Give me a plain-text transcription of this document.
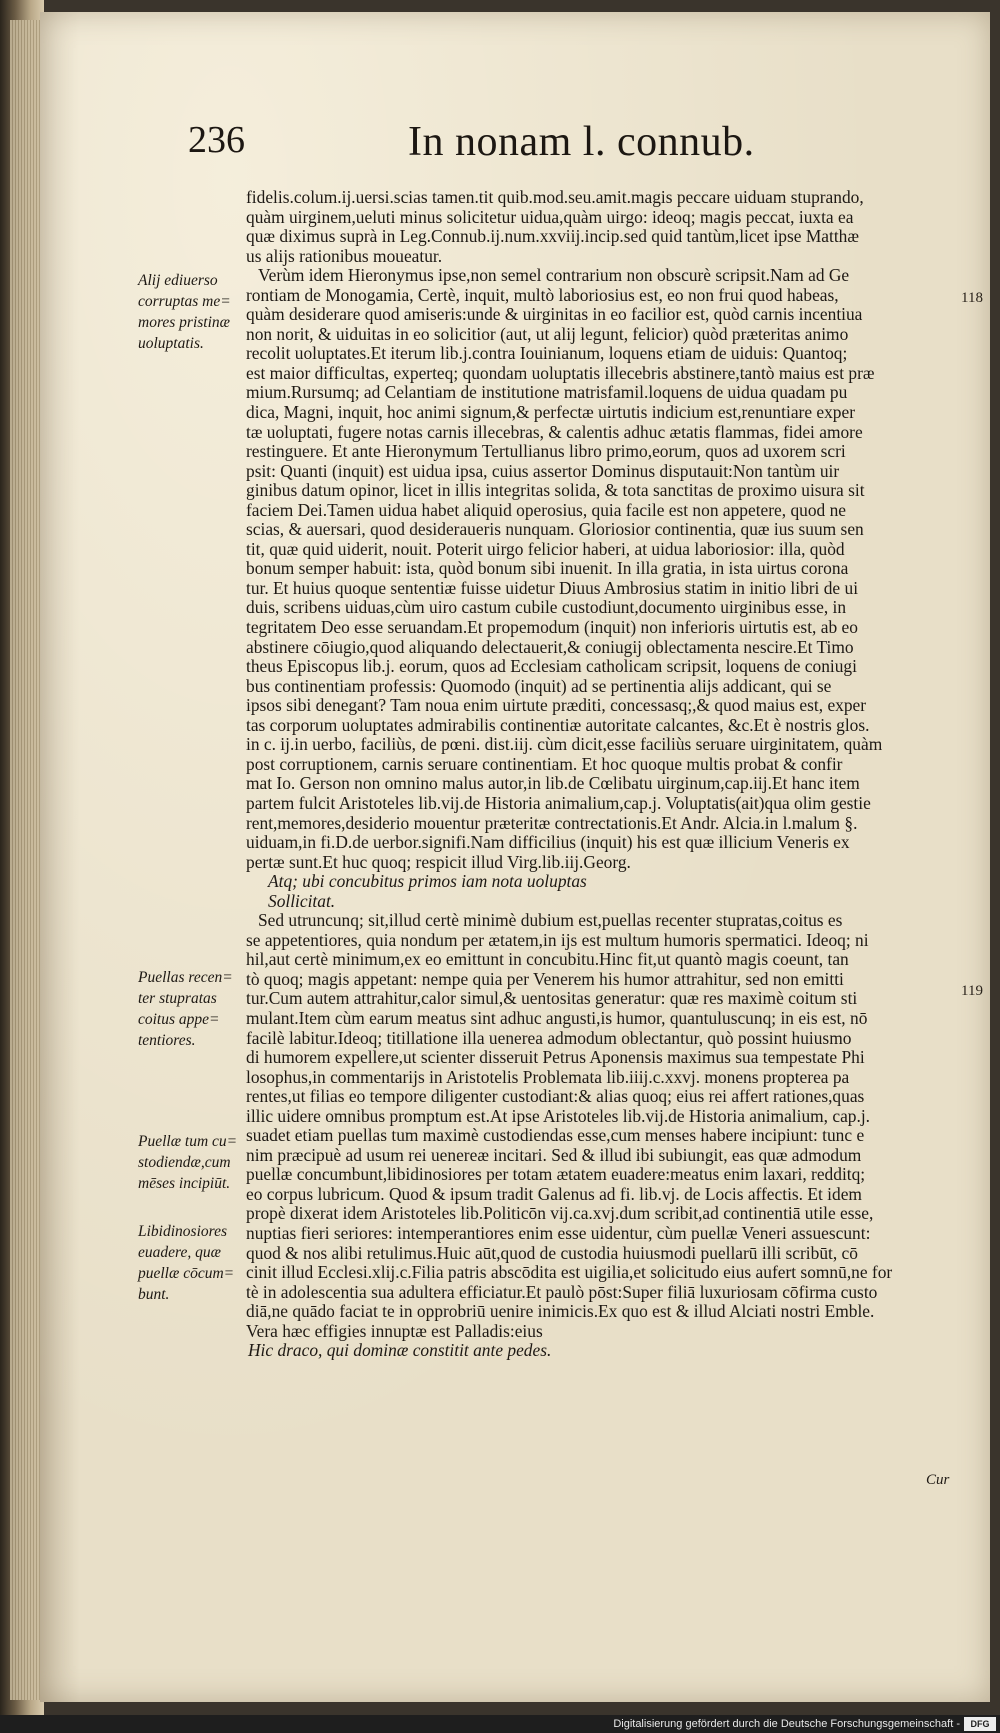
236	In nonam l. connub.
Alij ediuerso
corruptas me=
mores pristinæ
uoluptatis.
Puellas recen=
ter stupratas
coitus appe=
tentiores.
Puellæ tum cu=
stodiendæ,cum
mēses incipiūt.
Libidinosiores
euadere, quæ
puellæ cōcum=
bunt.
118
119
fidelis.colum.ij.uersi.scias tamen.tit quib.mod.seu.amit.magis peccare uiduam stuprando,
quàm uirginem,ueluti minus solicitetur uidua,quàm uirgo: ideoq; magis peccat, iuxta ea
quæ diximus suprà in Leg.Connub.ij.num.xxviij.incip.sed quid tantùm,licet ipse Matthæ
us alijs rationibus moueatur.
Verùm idem Hieronymus ipse,non semel contrarium non obscurè scripsit.Nam ad Ge
rontiam de Monogamia, Certè, inquit, multò laboriosius est, eo non frui quod habeas,
quàm desiderare quod amiseris:unde & uirginitas in eo facilior est, quòd carnis incentiua
non norit, & uiduitas in eo solicitior (aut, ut alij legunt, felicior) quòd præteritas animo
recolit uoluptates.Et iterum lib.j.contra Iouinianum, loquens etiam de uiduis: Quantoq;
est maior difficultas, experteq; quondam uoluptatis illecebris abstinere,tantò maius est præ
mium.Rursumq; ad Celantiam de institutione matrisfamil.loquens de uidua quadam pu
dica, Magni, inquit, hoc animi signum,& perfectæ uirtutis indicium est,renuntiare exper
tæ uoluptati, fugere notas carnis illecebras, & calentis adhuc ætatis flammas, fidei amore
restinguere. Et ante Hieronymum Tertullianus libro primo,eorum, quos ad uxorem scri
psit: Quanti (inquit) est uidua ipsa, cuius assertor Dominus disputauit:Non tantùm uir
ginibus datum opinor, licet in illis integritas solida, & tota sanctitas de proximo uisura sit
faciem Dei.Tamen uidua habet aliquid operosius, quia facile est non appetere, quod ne
scias, & auersari, quod desideraueris nunquam. Gloriosior continentia, quæ ius suum sen
tit, quæ quid uiderit, nouit. Poterit uirgo felicior haberi, at uidua laboriosior: illa, quòd
bonum semper habuit: ista, quòd bonum sibi inuenit. In illa gratia, in ista uirtus corona
tur. Et huius quoque sententiæ fuisse uidetur Diuus Ambrosius statim in initio libri de ui
duis, scribens uiduas,cùm uiro castum cubile custodiunt,documento uirginibus esse, in
tegritatem Deo esse seruandam.Et propemodum (inquit) non inferioris uirtutis est, ab eo
abstinere cōiugio,quod aliquando delectauerit,& coniugij oblectamenta nescire.Et Timo
theus Episcopus lib.j. eorum, quos ad Ecclesiam catholicam scripsit, loquens de coniugi
bus continentiam professis: Quomodo (inquit) ad se pertinentia alijs addicant, qui se
ipsos sibi denegant? Tam noua enim uirtute præditi, concessasq;,& quod maius est, exper
tas corporum uoluptates admirabilis continentiæ autoritate calcantes, &c.Et è nostris glos.
in c. ij.in uerbo, faciliùs, de pœni. dist.iij. cùm dicit,esse faciliùs seruare uirginitatem, quàm
post corruptionem, carnis seruare continentiam. Et hoc quoque multis probat & confir
mat Io. Gerson non omnino malus autor,in lib.de Cœlibatu uirginum,cap.iij.Et hanc item
partem fulcit Aristoteles lib.vij.de Historia animalium,cap.j. Voluptatis(ait)qua olim gestie
rent,memores,desiderio mouentur præteritæ contrectationis.Et Andr. Alcia.in l.malum §.
uiduam,in fi.D.de uerbor.signifi.Nam difficilius (inquit) his est quæ illicium Veneris ex
pertæ sunt.Et huc quoq; respicit illud Virg.lib.iij.Georg.
Atq; ubi concubitus primos iam nota uoluptas
Sollicitat.
Sed utruncunq; sit,illud certè minimè dubium est,puellas recenter stupratas,coitus es
se appetentiores, quia nondum per ætatem,in ijs est multum humoris spermatici. Ideoq; ni
hil,aut certè minimum,ex eo emittunt in concubitu.Hinc fit,ut quantò magis coeunt, tan
tò quoq; magis appetant: nempe quia per Venerem his humor attrahitur, sed non emitti
tur.Cum autem attrahitur,calor simul,& uentositas generatur: quæ res maximè coitum sti
mulant.Item cùm earum meatus sint adhuc angusti,is humor, quantuluscunq; in eis est, nō
facilè labitur.Ideoq; titillatione illa uenerea admodum oblectantur, quò possint huiusmo
di humorem expellere,ut scienter disseruit Petrus Aponensis maximus sua tempestate Phi
losophus,in commentarijs in Aristotelis Problemata lib.iiij.c.xxvj. monens propterea pa
rentes,ut filias eo tempore diligenter custodiant:& alias quoq; eius rei affert rationes,quas
illic uidere omnibus promptum est.At ipse Aristoteles lib.vij.de Historia animalium, cap.j.
suadet etiam puellas tum maximè custodiendas esse,cum menses habere incipiunt: tunc e
nim præcipuè ad usum rei uenereæ incitari. Sed & illud ibi subiungit, eas quæ admodum
puellæ concumbunt,libidinosiores per totam ætatem euadere:meatus enim laxari, redditq;
eo corpus lubricum. Quod & ipsum tradit Galenus ad fi. lib.vj. de Locis affectis. Et idem
propè dixerat idem Aristoteles lib.Politicōn vij.ca.xvj.dum scribit,ad continentiā utile esse,
nuptias fieri seriores: intemperantiores enim esse uidentur, cùm puellæ Veneri assuescunt:
quod & nos alibi retulimus.Huic aūt,quod de custodia huiusmodi puellarū illi scribūt, cō
cinit illud Ecclesi.xlij.c.Filia patris abscōdita est uigilia,et solicitudo eius aufert somnū,ne for
tè in adolescentia sua adultera efficiatur.Et paulò pōst:Super filiā luxuriosam cōfirma custo
diā,ne quādo faciat te in opprobriū uenire inimicis.Ex quo est & illud Alciati nostri Emble.
Vera hæc effigies innuptæ est Palladis:eius
Hic draco, qui dominæ constitit ante pedes.
Cur
Digitalisierung gefördert durch die Deutsche Forschungsgemeinschaft -	DFG
